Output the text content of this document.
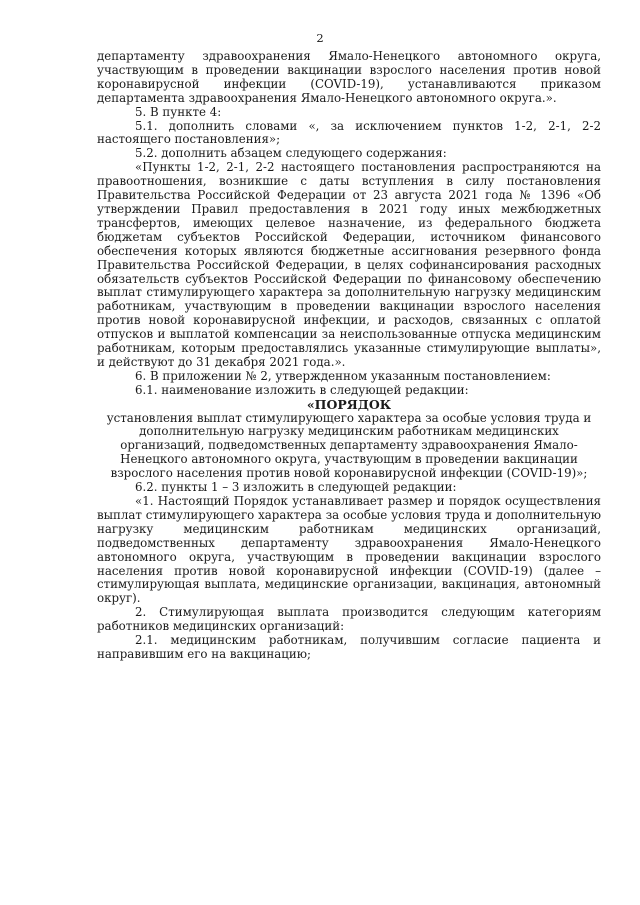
2

департаменту здравоохранения Ямало-Ненецкого автономного округа, участвующим в проведении вакцинации взрослого населения против новой коронавирусной инфекции (COVID-19), устанавливаются приказом департамента здравоохранения Ямало-Ненецкого автономного округа.».

5. В пункте 4:

5.1. дополнить словами «, за исключением пунктов 1-2, 2-1, 2-2 настоящего постановления»;

5.2. дополнить абзацем следующего содержания:

«Пункты 1-2, 2-1, 2-2 настоящего постановления распространяются на правоотношения, возникшие с даты вступления в силу постановления Правительства Российской Федерации от 23 августа 2021 года № 1396 «Об утверждении Правил предоставления в 2021 году иных межбюджетных трансфертов, имеющих целевое назначение, из федерального бюджета бюджетам субъектов Российской Федерации, источником финансового обеспечения которых являются бюджетные ассигнования резервного фонда Правительства Российской Федерации, в целях софинансирования расходных обязательств субъектов Российской Федерации по финансовому обеспечению выплат стимулирующего характера за дополнительную нагрузку медицинским работникам, участвующим в проведении вакцинации взрослого населения против новой коронавирусной инфекции, и расходов, связанных с оплатой отпусков и выплатой компенсации за неиспользованные отпуска медицинским работникам, которым предоставлялись указанные стимулирующие выплаты», и действуют до 31 декабря 2021 года.».

6. В приложении № 2, утвержденном указанным постановлением:

6.1. наименование изложить в следующей редакции:

«ПОРЯДОК

установления выплат стимулирующего характера за особые условия труда и дополнительную нагрузку медицинским работникам медицинских организаций, подведомственных департаменту здравоохранения Ямало-Ненецкого автономного округа, участвующим в проведении вакцинации взрослого населения против новой коронавирусной инфекции (COVID-19)»;

6.2. пункты 1 – 3 изложить в следующей редакции:

«1. Настоящий Порядок устанавливает размер и порядок осуществления выплат стимулирующего характера за особые условия труда и дополнительную нагрузку медицинским работникам медицинских организаций, подведомственных департаменту здравоохранения Ямало-Ненецкого автономного округа, участвующим в проведении вакцинации взрослого населения против новой коронавирусной инфекции (COVID-19) (далее – стимулирующая выплата, медицинские организации, вакцинация, автономный округ).

2. Стимулирующая выплата производится следующим категориям работников медицинских организаций:

2.1. медицинским работникам, получившим согласие пациента и направившим его на вакцинацию;
